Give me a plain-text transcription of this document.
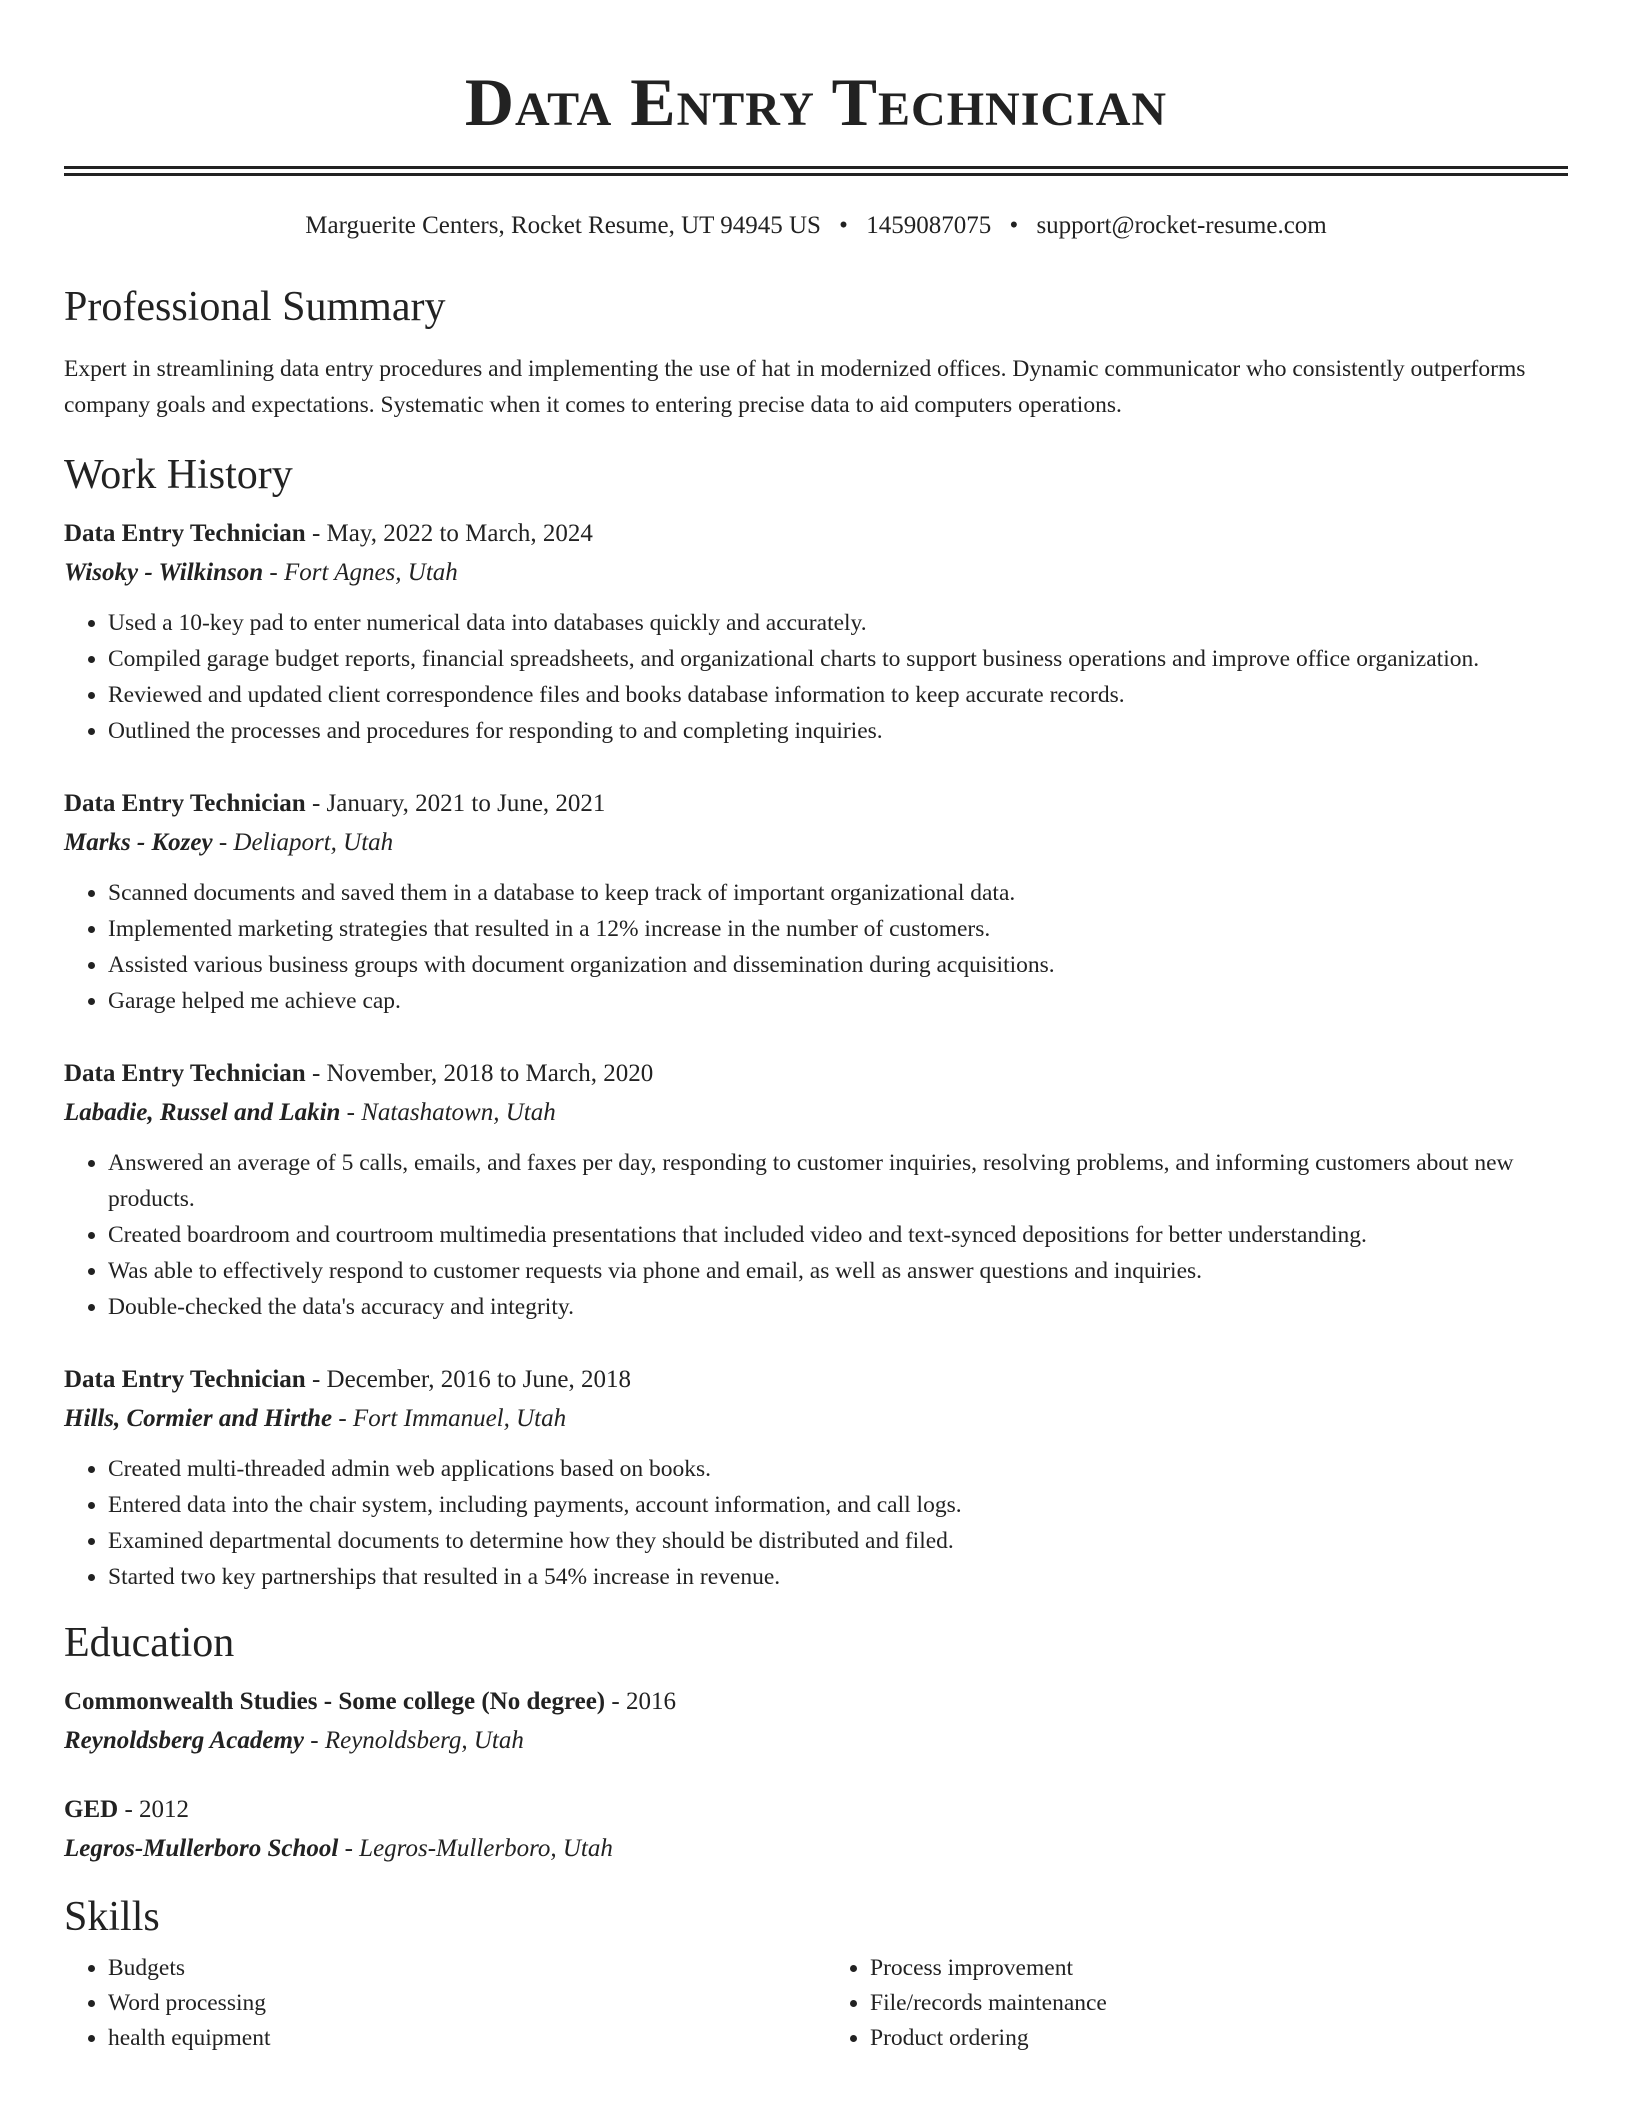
Data Entry Technician
Marguerite Centers, Rocket Resume, UT 94945 US • 1459087075 • support@rocket-resume.com
Professional Summary
Expert in streamlining data entry procedures and implementing the use of hat in modernized offices. Dynamic communicator who consistently outperforms company goals and expectations. Systematic when it comes to entering precise data to aid computers operations.
Work History
Data Entry Technician - May, 2022 to March, 2024
Wisoky - Wilkinson - Fort Agnes, Utah
• Used a 10-key pad to enter numerical data into databases quickly and accurately.
• Compiled garage budget reports, financial spreadsheets, and organizational charts to support business operations and improve office organization.
• Reviewed and updated client correspondence files and books database information to keep accurate records.
• Outlined the processes and procedures for responding to and completing inquiries.
Data Entry Technician - January, 2021 to June, 2021
Marks - Kozey - Deliaport, Utah
• Scanned documents and saved them in a database to keep track of important organizational data.
• Implemented marketing strategies that resulted in a 12% increase in the number of customers.
• Assisted various business groups with document organization and dissemination during acquisitions.
• Garage helped me achieve cap.
Data Entry Technician - November, 2018 to March, 2020
Labadie, Russel and Lakin - Natashatown, Utah
• Answered an average of 5 calls, emails, and faxes per day, responding to customer inquiries, resolving problems, and informing customers about new products.
• Created boardroom and courtroom multimedia presentations that included video and text-synced depositions for better understanding.
• Was able to effectively respond to customer requests via phone and email, as well as answer questions and inquiries.
• Double-checked the data's accuracy and integrity.
Data Entry Technician - December, 2016 to June, 2018
Hills, Cormier and Hirthe - Fort Immanuel, Utah
• Created multi-threaded admin web applications based on books.
• Entered data into the chair system, including payments, account information, and call logs.
• Examined departmental documents to determine how they should be distributed and filed.
• Started two key partnerships that resulted in a 54% increase in revenue.
Education
Commonwealth Studies - Some college (No degree) - 2016
Reynoldsberg Academy - Reynoldsberg, Utah
GED - 2012
Legros-Mullerboro School - Legros-Mullerboro, Utah
Skills
• Budgets
• Word processing
• health equipment
• Process improvement
• File/records maintenance
• Product ordering
